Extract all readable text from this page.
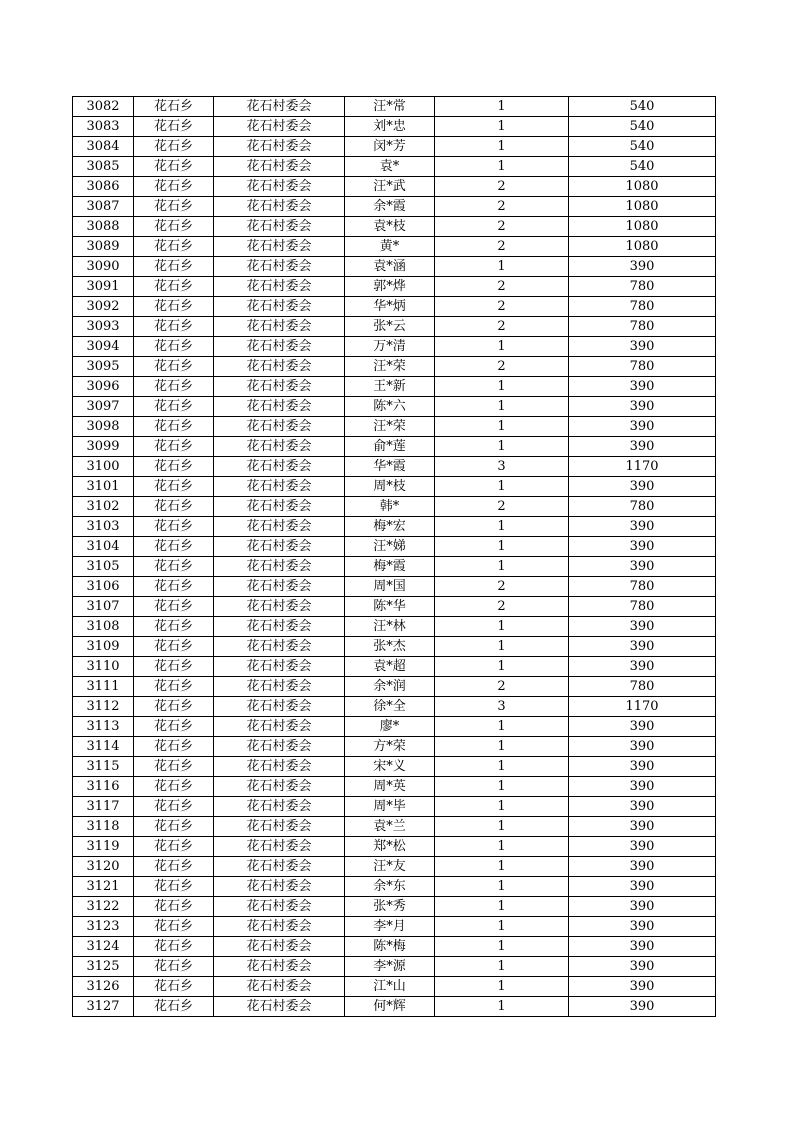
3082	花石乡	花石村委会	汪*常	1	540
3083	花石乡	花石村委会	刘*忠	1	540
3084	花石乡	花石村委会	闵*芳	1	540
3085	花石乡	花石村委会	袁*	1	540
3086	花石乡	花石村委会	汪*武	2	1080
3087	花石乡	花石村委会	余*霞	2	1080
3088	花石乡	花石村委会	袁*枝	2	1080
3089	花石乡	花石村委会	黄*	2	1080
3090	花石乡	花石村委会	袁*涵	1	390
3091	花石乡	花石村委会	郭*烨	2	780
3092	花石乡	花石村委会	华*炳	2	780
3093	花石乡	花石村委会	张*云	2	780
3094	花石乡	花石村委会	万*清	1	390
3095	花石乡	花石村委会	汪*荣	2	780
3096	花石乡	花石村委会	王*新	1	390
3097	花石乡	花石村委会	陈*六	1	390
3098	花石乡	花石村委会	汪*荣	1	390
3099	花石乡	花石村委会	俞*莲	1	390
3100	花石乡	花石村委会	华*霞	3	1170
3101	花石乡	花石村委会	周*枝	1	390
3102	花石乡	花石村委会	韩*	2	780
3103	花石乡	花石村委会	梅*宏	1	390
3104	花石乡	花石村委会	汪*娣	1	390
3105	花石乡	花石村委会	梅*霞	1	390
3106	花石乡	花石村委会	周*国	2	780
3107	花石乡	花石村委会	陈*华	2	780
3108	花石乡	花石村委会	汪*林	1	390
3109	花石乡	花石村委会	张*杰	1	390
3110	花石乡	花石村委会	袁*超	1	390
3111	花石乡	花石村委会	余*润	2	780
3112	花石乡	花石村委会	徐*全	3	1170
3113	花石乡	花石村委会	廖*	1	390
3114	花石乡	花石村委会	方*荣	1	390
3115	花石乡	花石村委会	宋*义	1	390
3116	花石乡	花石村委会	周*英	1	390
3117	花石乡	花石村委会	周*毕	1	390
3118	花石乡	花石村委会	袁*兰	1	390
3119	花石乡	花石村委会	郑*松	1	390
3120	花石乡	花石村委会	汪*友	1	390
3121	花石乡	花石村委会	余*东	1	390
3122	花石乡	花石村委会	张*秀	1	390
3123	花石乡	花石村委会	李*月	1	390
3124	花石乡	花石村委会	陈*梅	1	390
3125	花石乡	花石村委会	李*源	1	390
3126	花石乡	花石村委会	江*山	1	390
3127	花石乡	花石村委会	何*辉	1	390
